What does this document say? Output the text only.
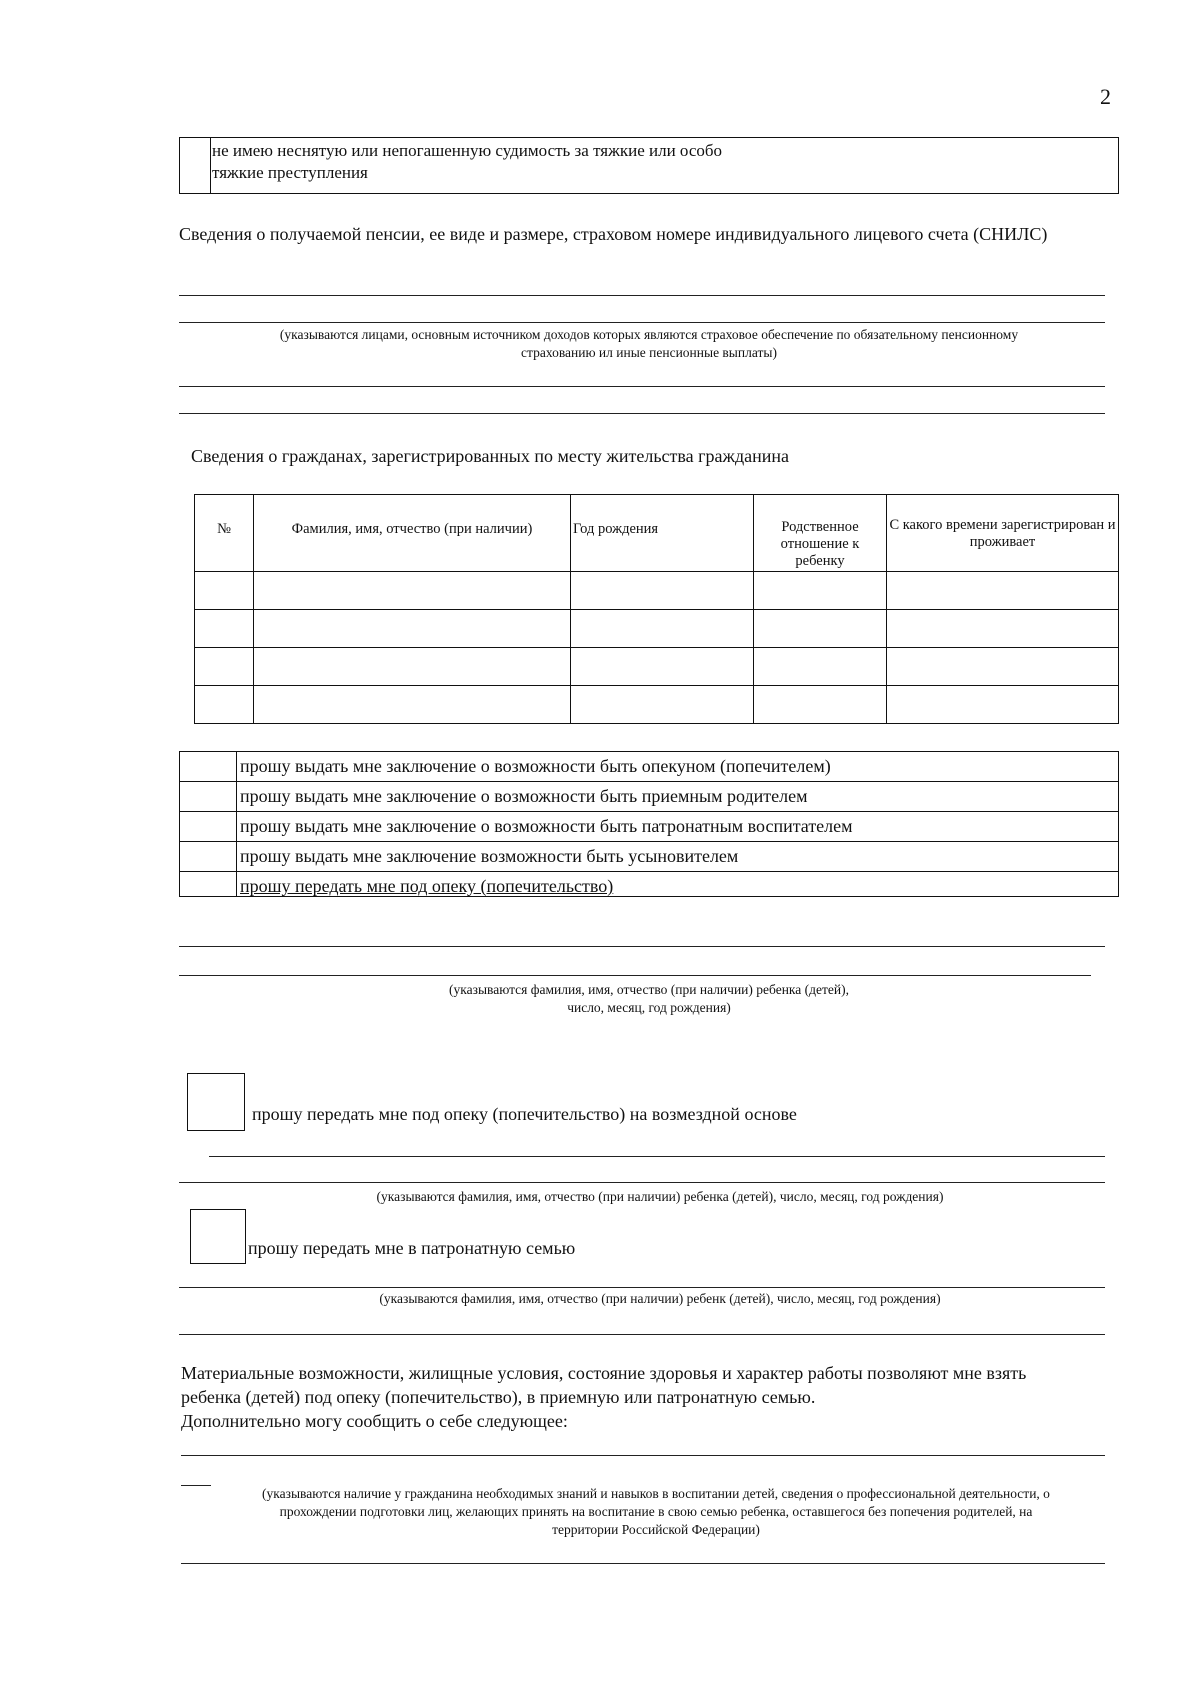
2
не имею неснятую или непогашенную судимость за тяжкие или особо
тяжкие преступления
Сведения о получаемой пенсии, ее виде и размере, страховом номере индивидуального лицевого счета (СНИЛС)
(указываются лицами, основным источником доходов которых являются страховое обеспечение по обязательному пенсионному
страхованию ил иные пенсионные выплаты)
Сведения о гражданах, зарегистрированных по месту жительства гражданина
№	Фамилия, имя, отчество (при наличии)	Год рождения	Родственное отношение к ребенку	С какого времени зарегистрирован и проживает

прошу выдать мне заключение о возможности быть опекуном (попечителем)
прошу выдать мне заключение о возможности быть приемным родителем
прошу выдать мне заключение о возможности быть патронатным воспитателем
прошу выдать мне заключение возможности быть усыновителем
прошу передать мне под опеку (попечительство)
(указываются фамилия, имя, отчество (при наличии) ребенка (детей),
число, месяц, год рождения)
прошу передать мне под опеку (попечительство) на возмездной основе
(указываются фамилия, имя, отчество (при наличии) ребенка (детей), число, месяц, год рождения)
прошу передать мне в патронатную семью
(указываются фамилия, имя, отчество (при наличии) ребенк (детей), число, месяц, год рождения)
Материальные возможности, жилищные условия, состояние здоровья и характер работы позволяют мне взять
ребенка (детей) под опеку (попечительство), в приемную или патронатную семью.
Дополнительно могу сообщить о себе следующее:
(указываются наличие у гражданина необходимых знаний и навыков в воспитании детей, сведения о профессиональной деятельности, о
прохождении подготовки лиц, желающих принять на воспитание в свою семью ребенка, оставшегося без попечения родителей, на
территории Российской Федерации)
